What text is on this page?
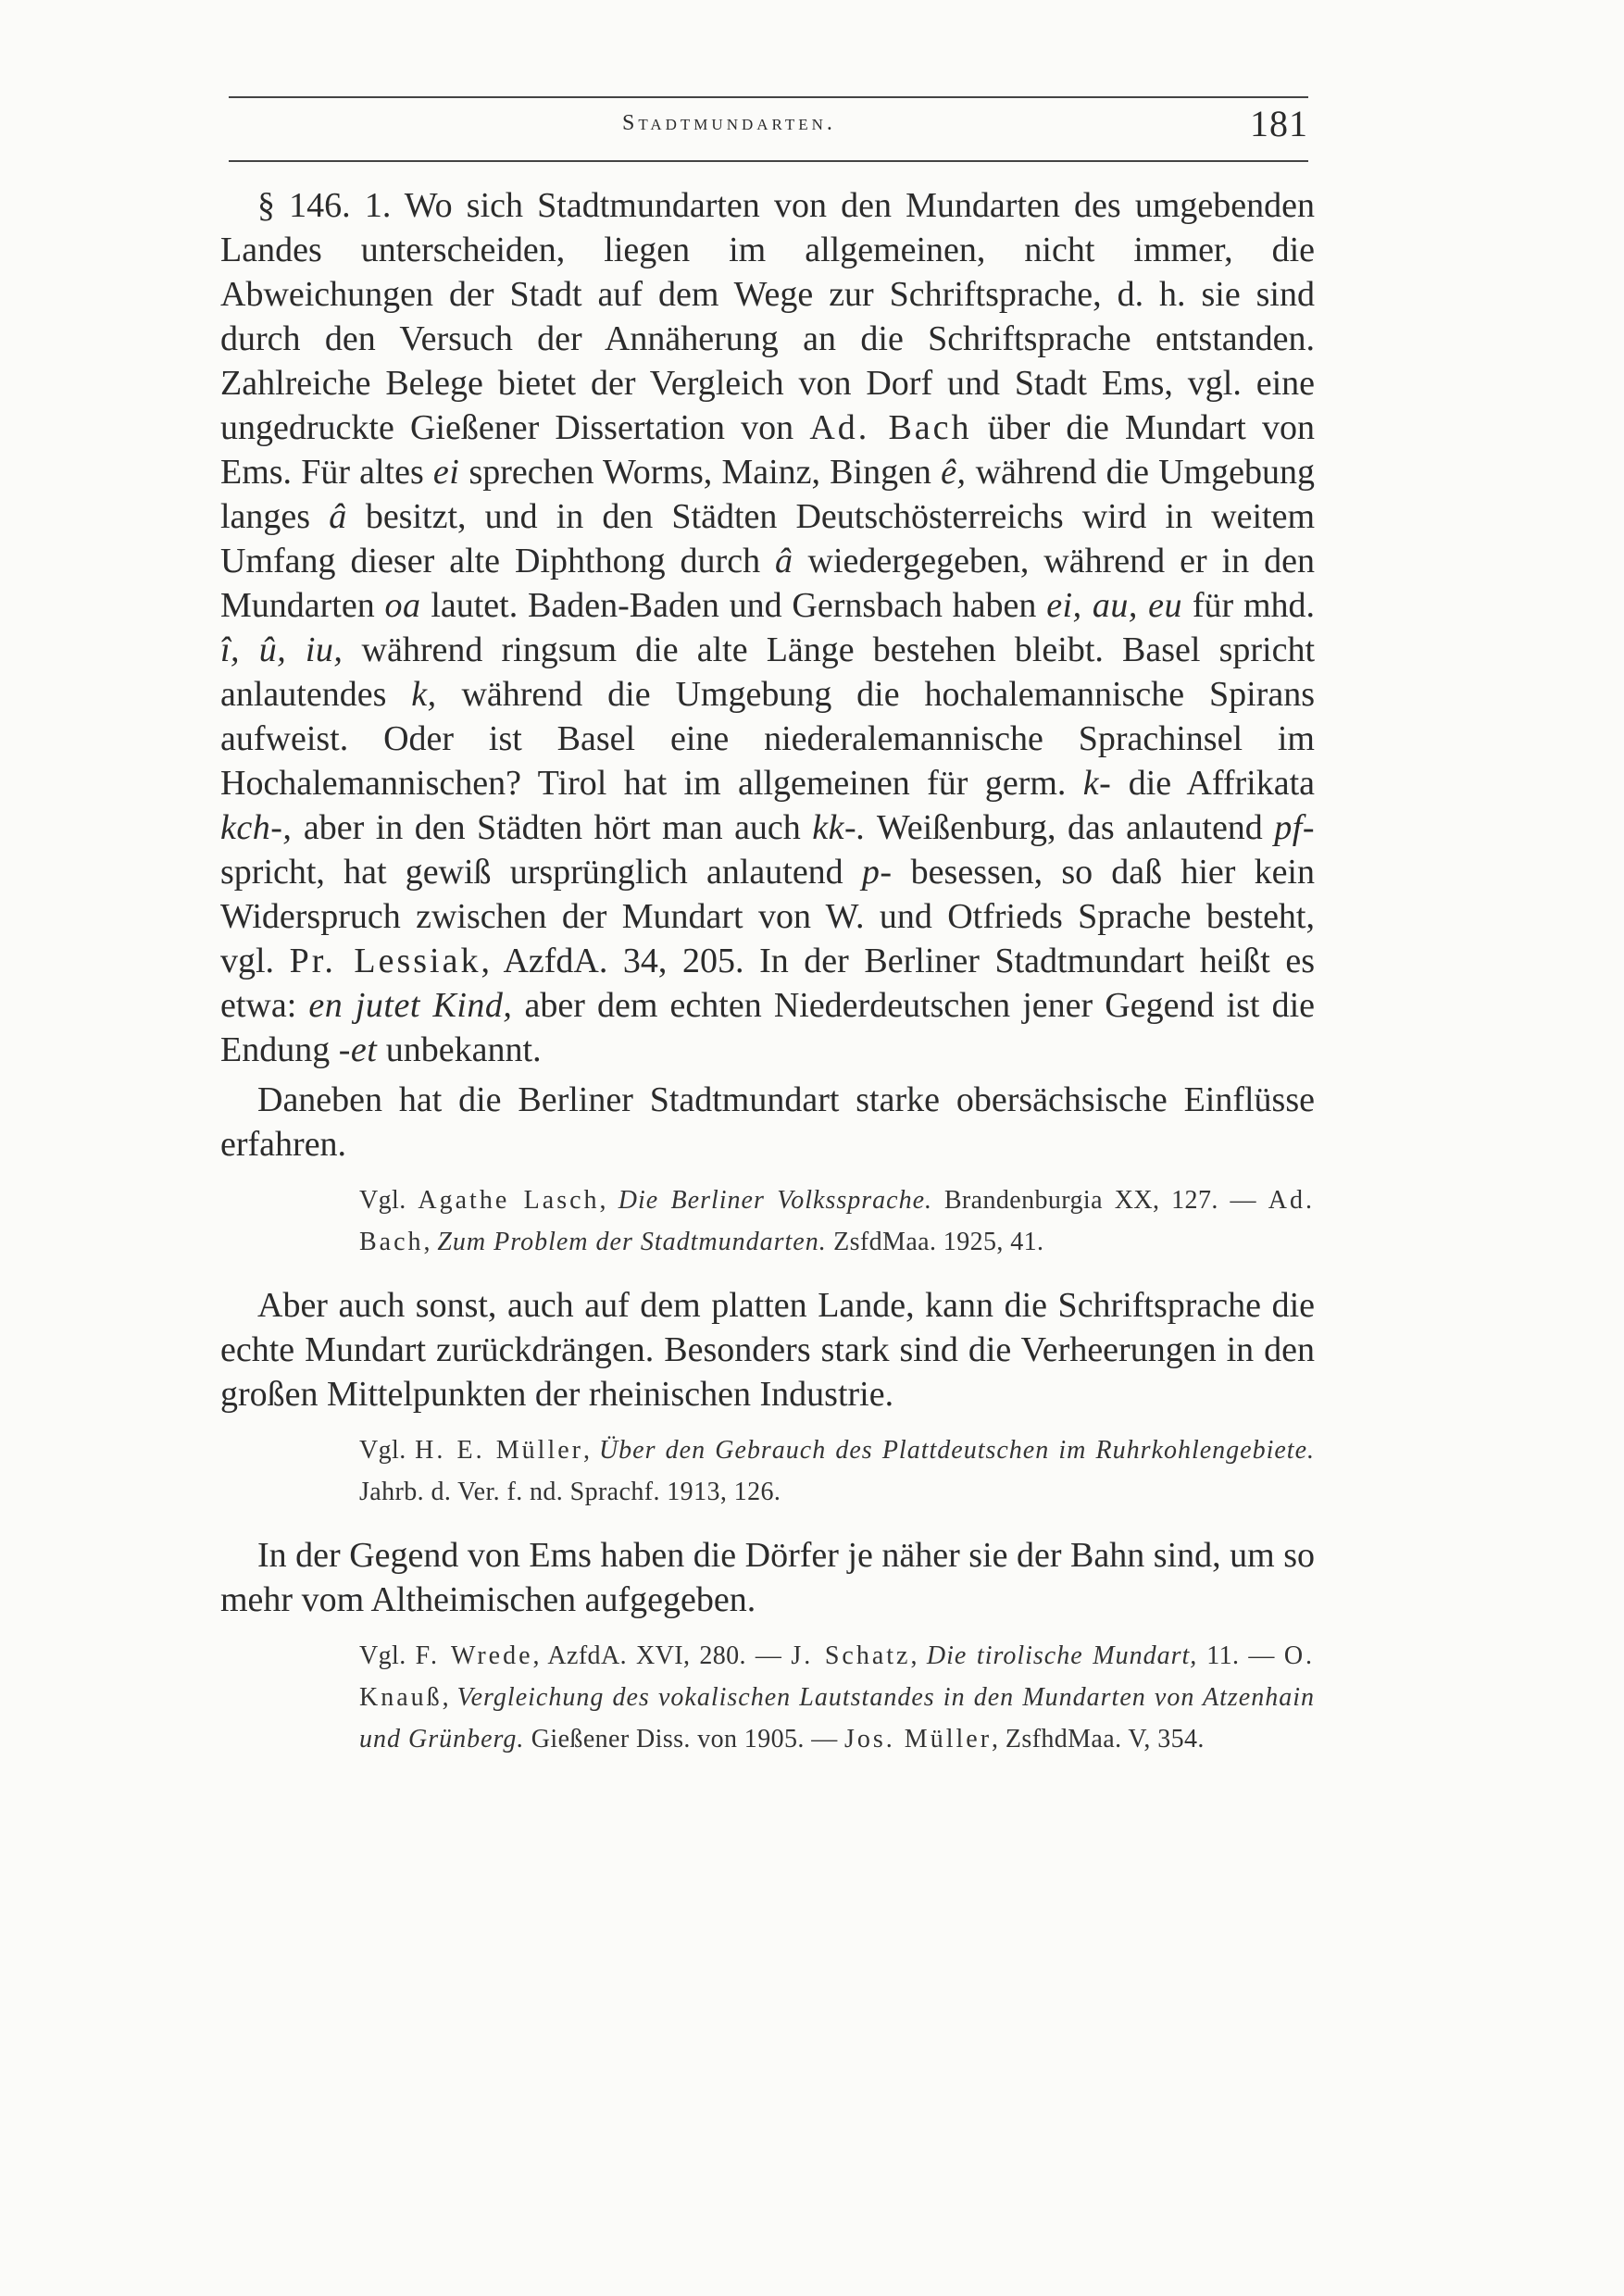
Stadtmundarten.	181

§ 146. 1. Wo sich Stadtmundarten von den Mundarten des umgebenden Landes unterscheiden, liegen im allgemeinen, nicht immer, die Abweichungen der Stadt auf dem Wege zur Schriftsprache, d. h. sie sind durch den Versuch der Annäherung an die Schriftsprache entstanden. Zahlreiche Belege bietet der Vergleich von Dorf und Stadt Ems, vgl. eine ungedruckte Gießener Dissertation von Ad. Bach über die Mundart von Ems. Für altes ei sprechen Worms, Mainz, Bingen ê, während die Umgebung langes â besitzt, und in den Städten Deutschösterreichs wird in weitem Umfang dieser alte Diphthong durch â wiedergegeben, während er in den Mundarten oa lautet. Baden-Baden und Gernsbach haben ei, au, eu für mhd. î, û, iu, während ringsum die alte Länge bestehen bleibt. Basel spricht anlautendes k, während die Umgebung die hochalemannische Spirans aufweist. Oder ist Basel eine niederalemannische Sprachinsel im Hochalemannischen? Tirol hat im allgemeinen für germ. k- die Affrikata kch-, aber in den Städten hört man auch kk-. Weißenburg, das anlautend pf- spricht, hat gewiß ursprünglich anlautend p- besessen, so daß hier kein Widerspruch zwischen der Mundart von W. und Otfrieds Sprache besteht, vgl. Pr. Lessiak, AzfdA. 34, 205. In der Berliner Stadtmundart heißt es etwa: en jutet Kind, aber dem echten Niederdeutschen jener Gegend ist die Endung -et unbekannt.

Daneben hat die Berliner Stadtmundart starke obersächsische Einflüsse erfahren.

Vgl. Agathe Lasch, Die Berliner Volkssprache. Brandenburgia XX, 127. — Ad. Bach, Zum Problem der Stadtmundarten. ZsfdMaa. 1925, 41.

Aber auch sonst, auch auf dem platten Lande, kann die Schriftsprache die echte Mundart zurückdrängen. Besonders stark sind die Verheerungen in den großen Mittelpunkten der rheinischen Industrie.

Vgl. H. E. Müller, Über den Gebrauch des Plattdeutschen im Ruhrkohlengebiete. Jahrb. d. Ver. f. nd. Sprachf. 1913, 126.

In der Gegend von Ems haben die Dörfer je näher sie der Bahn sind, um so mehr vom Altheimischen aufgegeben.

Vgl. F. Wrede, AzfdA. XVI, 280. — J. Schatz, Die tirolische Mundart, 11. — O. Knauß, Vergleichung des vokalischen Lautstandes in den Mundarten von Atzenhain und Grünberg. Gießener Diss. von 1905. — Jos. Müller, ZsfhdMaa. V, 354.
